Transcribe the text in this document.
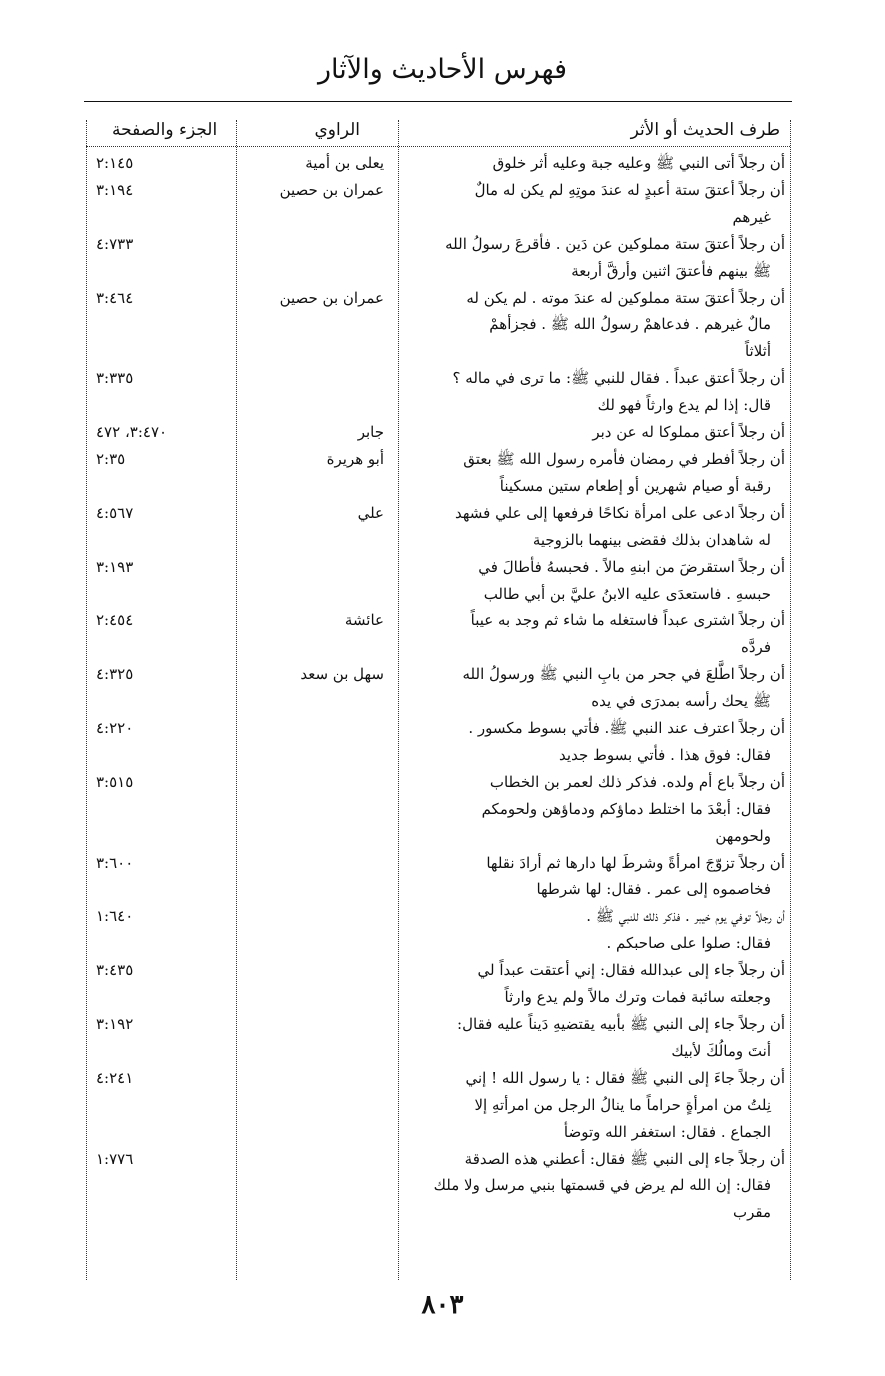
فهرس الأحاديث والآثار
طرف الحديث أو الأثر
الراوي
الجزء والصفحة

أن رجلاً أتى النبي ﷺ وعليه جبة وعليه أثر خلوق

يعلى بن أمية
٢:١٤٥

أن رجلاً أعتقَ ستة أعبدٍ له عندَ موتِهِ لم يكن له مالٌ

غيرهم

عمران بن حصين
٣:١٩٤

أن رجلاً أعتقَ ستة مملوكين عن دَين . فأقرعَ رسولُ الله

ﷺ بينهم فأعتقَ اثنين وأرقَّ أربعة

٤:٧٣٣

أن رجلاً أعتقَ ستة مملوكين له عندَ موته . لم يكن له

مالٌ غيرهم . فدعاهمْ رسولُ الله ﷺ . فجزأهمْ

أثلاثاً

عمران بن حصين
٣:٤٦٤

أن رجلاً أعتق عبداً . فقال للنبي ﷺ: ما ترى في ماله ؟

قال: إذا لم يدع وارثاً فهو لك

٣:٣٣٥

أن رجلاً أعتق مملوكا له عن دبر

جابر
٣:٤٧٠، ٤٧٢

أن رجلاً أفطر في رمضان فأمره رسول الله ﷺ بعتق

رقبة أو صيام شهرين أو إطعام ستين مسكيناً

أبو هريرة
٢:٣٥

أن رجلاً ادعى على امرأة نكاحًا فرفعها إلى علي فشهد

له شاهدان بذلك فقضى بينهما بالزوجية

علي
٤:٥٦٧

أن رجلاً استقرضَ من ابنهِ مالاً . فحبسهُ فأطالَ في

حبسهِ . فاستعدَى عليه الابنُ عليَّ بن أبي طالب

٣:١٩٣

أن رجلاً اشترى عبداً فاستغله ما شاء ثم وجد به عيباً

فردَّه

عائشة
٢:٤٥٤

أن رجلاً اطَّلعَ في جحر من بابِ النبي ﷺ ورسولُ الله

ﷺ يحك رأسه بمدرَى في يده

سهل بن سعد
٤:٣٢٥

أن رجلاً اعترف عند النبي ﷺ. فأتي بسوط مكسور .

فقال: فوق هذا . فأتي بسوط جديد

٤:٢٢٠

أن رجلاً باع أم ولده. فذكر ذلك لعمر بن الخطاب

فقال: أبعْدَ ما اختلط دماؤكم ودماؤهن ولحومكم

ولحومهن

٣:٥١٥

أن رجلاً تزوّجَ امرأةً وشرطَ لها دارها ثم أرادَ نقلها

فخاصموه إلى عمر . فقال: لها شرطها

٣:٦٠٠

أن رجلاً توفي يوم خيبر . فذكر ذلك للنبي ﷺ .

فقال: صلوا على صاحبكم .

١:٦٤٠

أن رجلاً جاء إلى عبدالله فقال: إني أعتقت عبداً لي

وجعلته سائبة فمات وترك مالاً ولم يدع وارثاً

٣:٤٣٥

أن رجلاً جاء إلى النبي ﷺ بأبيه يقتضيهِ دَيناً عليه فقال:

أنتَ ومالُكَ لأبيك

٣:١٩٢

أن رجلاً جاءَ إلى النبي ﷺ فقال : يا رسول الله ! إني

نِلتُ من امرأةٍ حراماً ما ينالُ الرجل من امرأتهِ إلا

الجماع . فقال: استغفر الله وتوضأ

٤:٢٤١

أن رجلاً جاء إلى النبي ﷺ فقال: أعطني هذه الصدقة

فقال: إن الله لم يرض في قسمتها بنبي مرسل ولا ملك

مقرب

١:٧٧٦
٨٠٣
